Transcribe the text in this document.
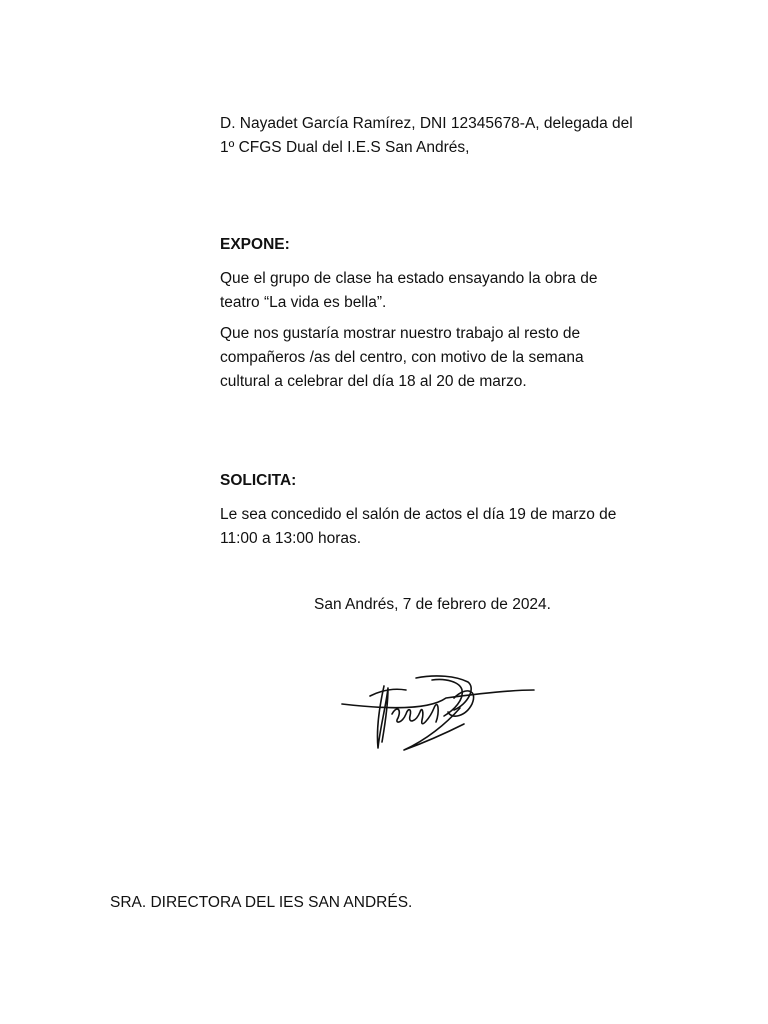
D. Nayadet García Ramírez, DNI 12345678-A, delegada del
1º CFGS Dual del I.E.S San Andrés,

EXPONE:

Que el grupo de clase ha estado ensayando la obra de
teatro “La vida es bella”.

Que nos gustaría mostrar nuestro trabajo al resto de
compañeros /as del centro, con motivo de la semana
cultural a celebrar del día 18 al 20 de marzo.

SOLICITA:

Le sea concedido el salón de actos el día 19 de marzo de
11:00 a 13:00 horas.

San Andrés, 7 de febrero de 2024.

SRA. DIRECTORA DEL IES SAN ANDRÉS.
